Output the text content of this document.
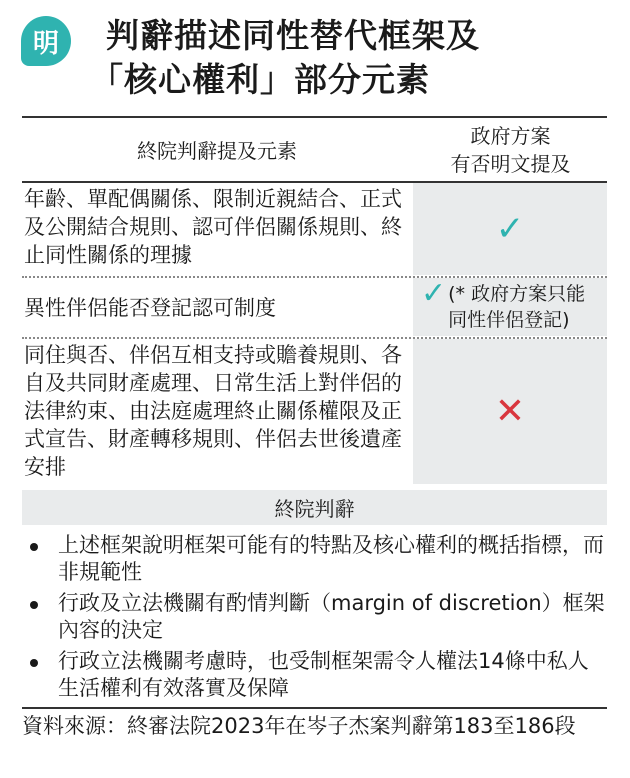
明 判辭描述同性替代框架及
「核心權利」部分元素
終院判辭提及元素
政府方案
有否明文提及
年齡、單配偶關係、限制近親結合、正式及公開結合規則、認可伴侶關係規則、終止同性關係的理據
✓
異性伴侶能否登記認可制度	✓ (* 政府方案只能同性伴侶登記)
同住與否、伴侶互相支持或贍養規則、各自及共同財產處理、日常生活上對伴侶的法律約束、由法庭處理終止關係權限及正式宣告、財產轉移規則、伴侶去世後遺產安排
✕
終院判辭
上述框架說明框架可能有的特點及核心權利的概括指標，而非規範性
行政及立法機關有酌情判斷（margin of discretion）框架內容的決定
行政立法機關考慮時，也受制框架需令人權法14條中私人生活權利有效落實及保障
資料來源：終審法院2023年在岑子杰案判辭第183至186段
